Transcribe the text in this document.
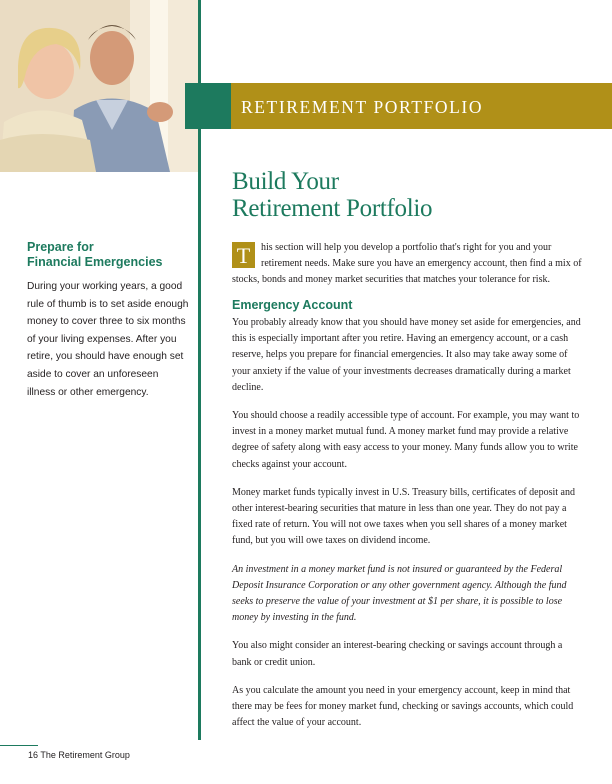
RETIREMENT PORTFOLIO
Prepare for
Financial Emergencies

During your working years, a good rule of thumb is to set aside enough money to cover three to six months of your living expenses. After you retire, you should have enough set aside to cover an unforeseen illness or other emergency.

Build Your
Retirement Portfolio

T	his section will help you develop a portfolio that's right for you and your retirement needs. Make sure you have an emergency account, then find a mix of stocks, bonds and money market securities that matches your tolerance for risk.

Emergency Account

You probably already know that you should have money set aside for emergencies, and this is especially important after you retire. Having an emergency account, or a cash reserve, helps you prepare for financial emergencies. It also may take away some of your anxiety if the value of your investments decreases dramatically during a market decline.

You should choose a readily accessible type of account. For example, you may want to invest in a money market mutual fund. A money market fund may provide a relative degree of safety along with easy access to your money. Many funds allow you to write checks against your account.

Money market funds typically invest in U.S. Treasury bills, certificates of deposit and other interest-bearing securities that mature in less than one year. They do not pay a fixed rate of return. You will not owe taxes when you sell shares of a money market fund, but you will owe taxes on dividend income.

An investment in a money market fund is not insured or guaranteed by the Federal Deposit Insurance Corporation or any other government agency. Although the fund seeks to preserve the value of your investment at $1 per share, it is possible to lose money by investing in the fund.

You also might consider an interest-bearing checking or savings account through a bank or credit union.

As you calculate the amount you need in your emergency account, keep in mind that there may be fees for money market fund, checking or savings accounts, which could affect the value of your account.

16 The Retirement Group
